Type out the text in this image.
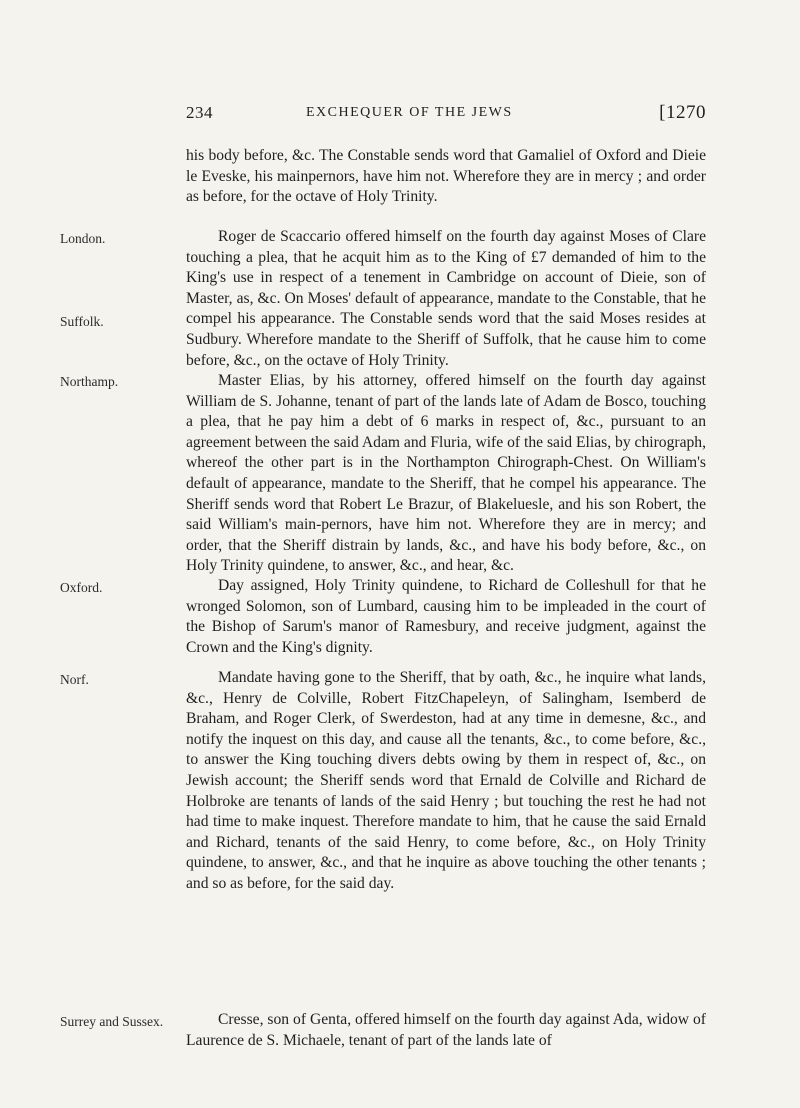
234	EXCHEQUER OF THE JEWS	[1270
London.
Suffolk.
Northamp.
Oxford.
Norf.
Surrey and Sussex.

his body before, &c. The Constable sends word that Gamaliel of Oxford and Dieie le Eveske, his mainpernors, have him not. Wherefore they are in mercy ; and order as before, for the octave of Holy Trinity.

Roger de Scaccario offered himself on the fourth day against Moses of Clare touching a plea, that he acquit him as to the King of £7 demanded of him to the King's use in respect of a tenement in Cambridge on account of Dieie, son of Master, as, &c. On Moses' default of appearance, mandate to the Constable, that he compel his appearance. The Constable sends word that the said Moses resides at Sudbury. Wherefore mandate to the Sheriff of Suffolk, that he cause him to come before, &c., on the octave of Holy Trinity.

Master Elias, by his attorney, offered himself on the fourth day against William de S. Johanne, tenant of part of the lands late of Adam de Bosco, touching a plea, that he pay him a debt of 6 marks in respect of, &c., pursuant to an agreement between the said Adam and Fluria, wife of the said Elias, by chirograph, whereof the other part is in the Northampton Chirograph-Chest. On William's default of appearance, mandate to the Sheriff, that he compel his appearance. The Sheriff sends word that Robert Le Brazur, of Blakeluesle, and his son Robert, the said William's main-pernors, have him not. Wherefore they are in mercy; and order, that the Sheriff distrain by lands, &c., and have his body before, &c., on Holy Trinity quindene, to answer, &c., and hear, &c.

Day assigned, Holy Trinity quindene, to Richard de Colleshull for that he wronged Solomon, son of Lumbard, causing him to be impleaded in the court of the Bishop of Sarum's manor of Ramesbury, and receive judgment, against the Crown and the King's dignity.

Mandate having gone to the Sheriff, that by oath, &c., he inquire what lands, &c., Henry de Colville, Robert FitzChapeleyn, of Salingham, Isemberd de Braham, and Roger Clerk, of Swerdeston, had at any time in demesne, &c., and notify the inquest on this day, and cause all the tenants, &c., to come before, &c., to answer the King touching divers debts owing by them in respect of, &c., on Jewish account; the Sheriff sends word that Ernald de Colville and Richard de Holbroke are tenants of lands of the said Henry ; but touching the rest he had not had time to make inquest. Therefore mandate to him, that he cause the said Ernald and Richard, tenants of the said Henry, to come before, &c., on Holy Trinity quindene, to answer, &c., and that he inquire as above touching the other tenants ; and so as before, for the said day.

Cresse, son of Genta, offered himself on the fourth day against Ada, widow of Laurence de S. Michaele, tenant of part of the lands late of
